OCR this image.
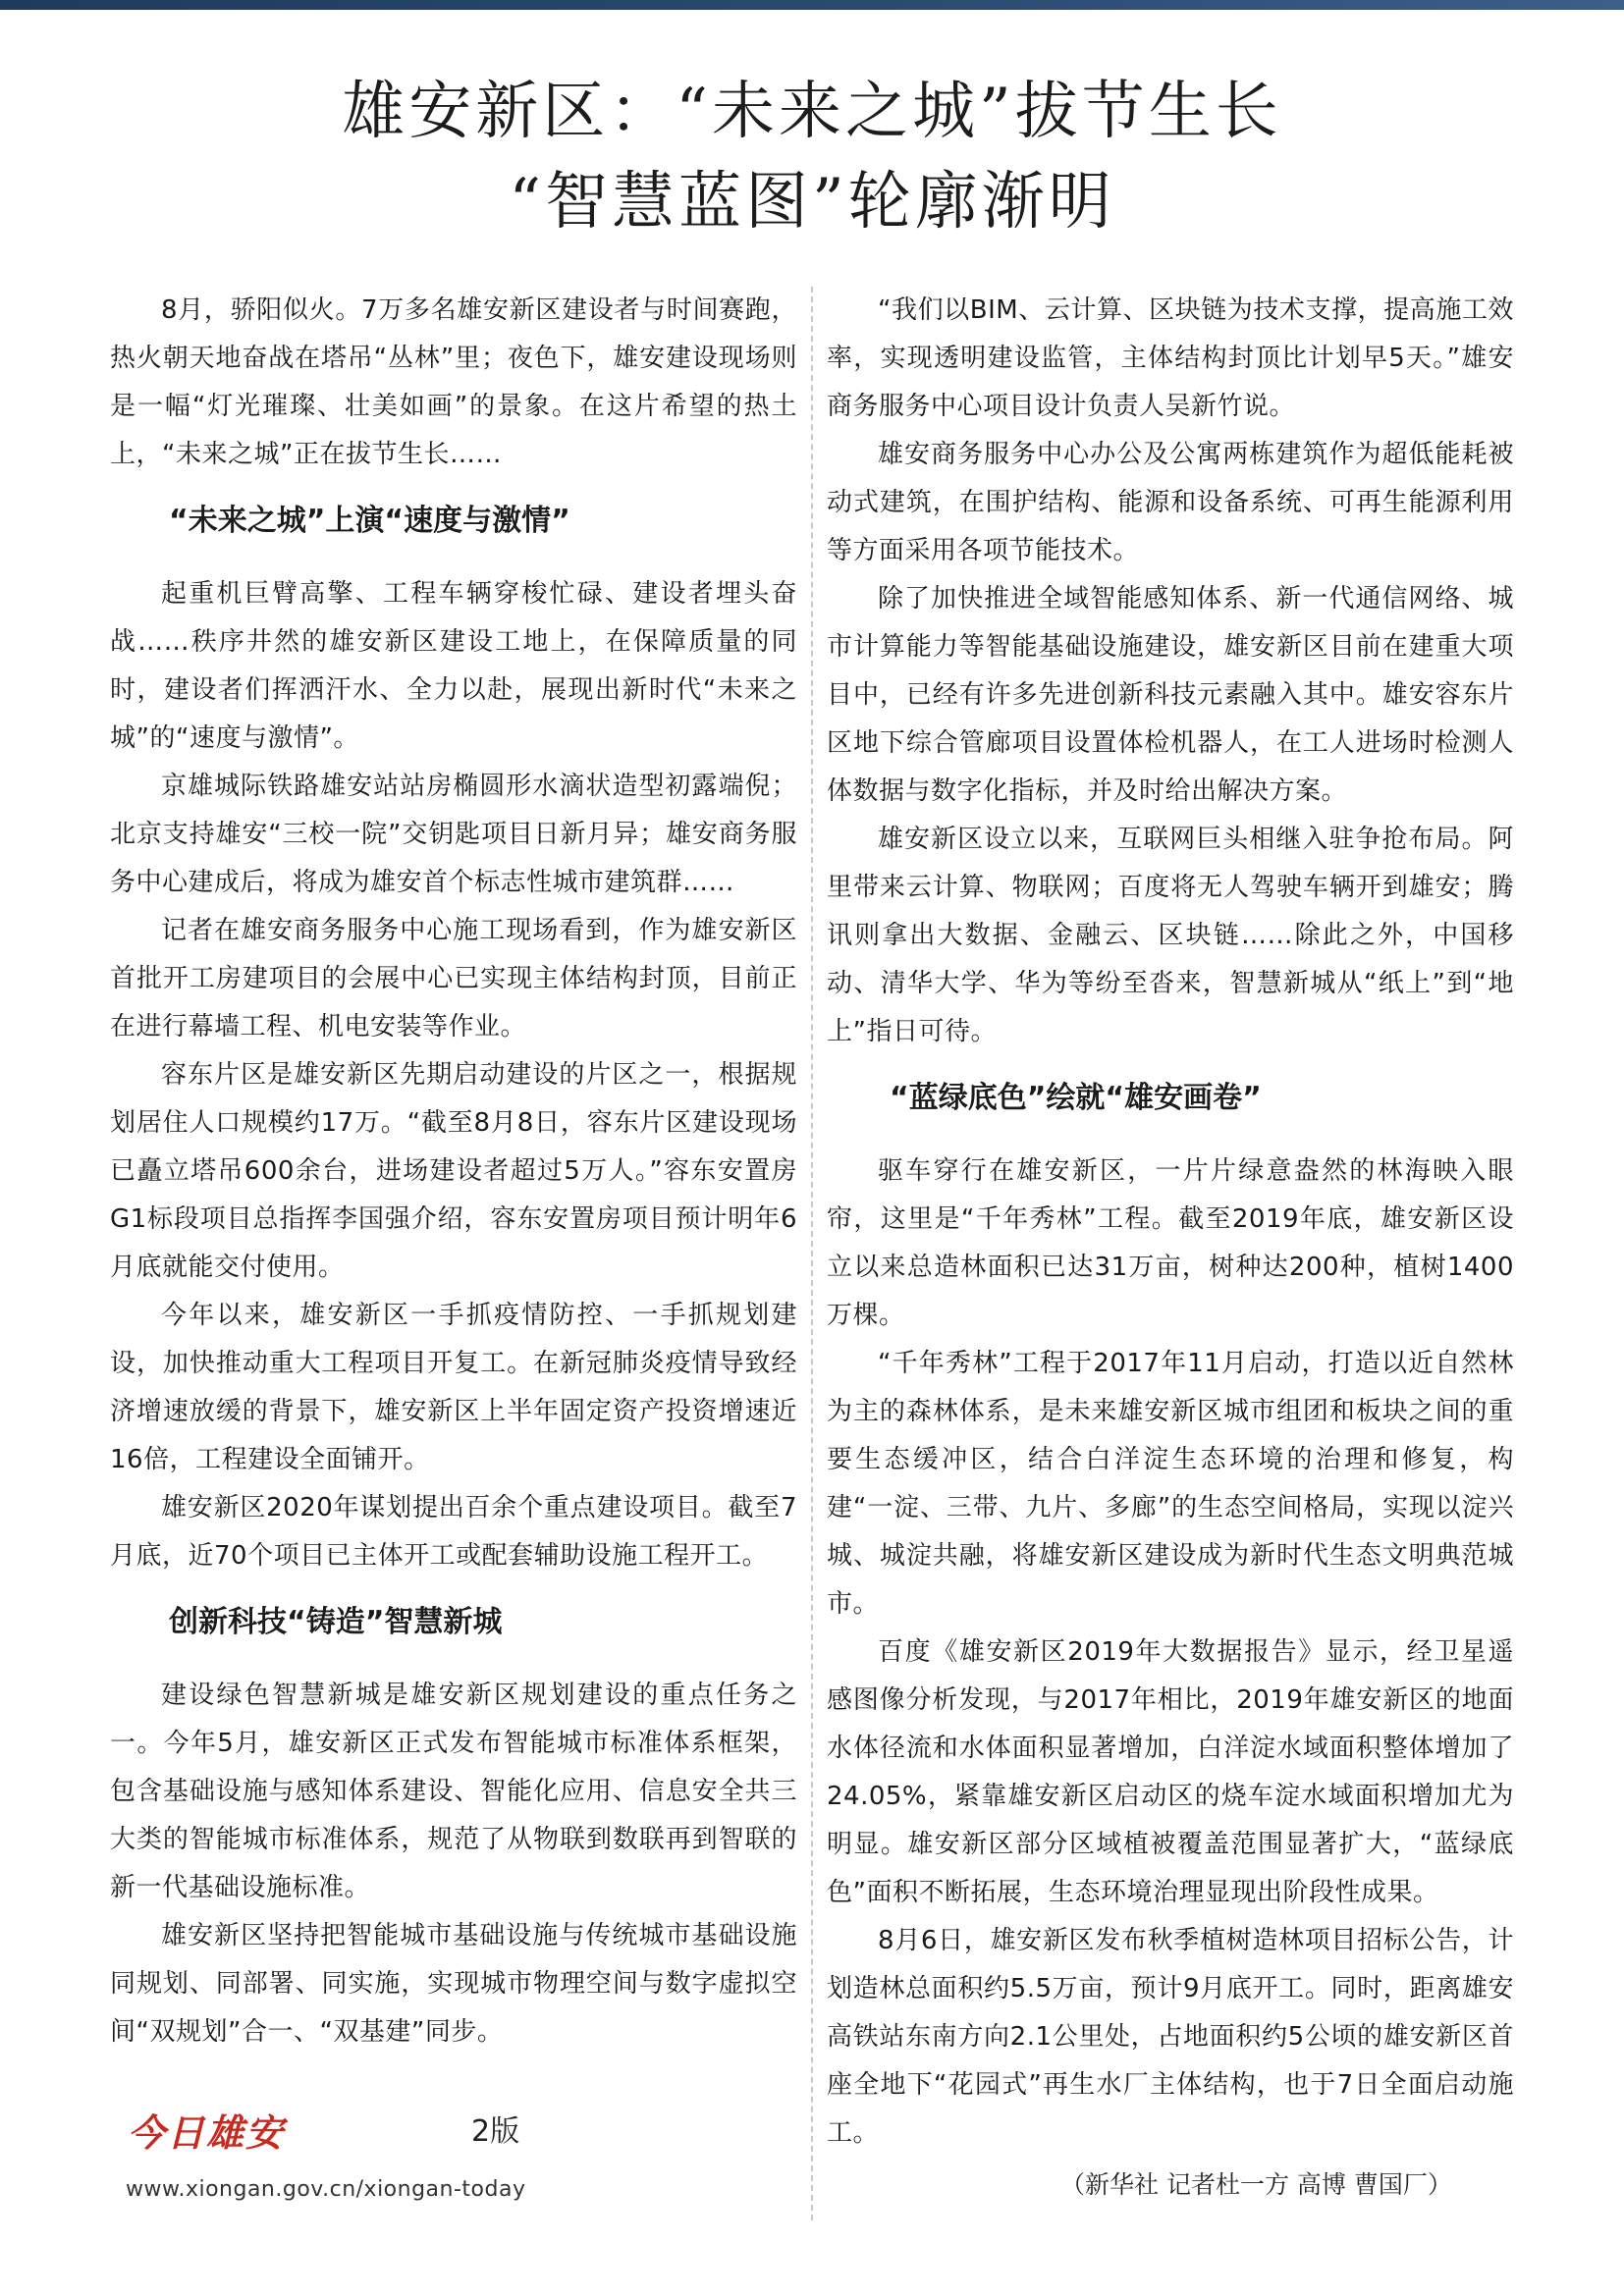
雄安新区：“未来之城”拔节生长
“智慧蓝图”轮廓渐明

8月，骄阳似火。7万多名雄安新区建设者与时间赛跑，热火朝天地奋战在塔吊“丛林”里；夜色下，雄安建设现场则是一幅“灯光璀璨、壮美如画”的景象。在这片希望的热土上，“未来之城”正在拔节生长……

“未来之城”上演“速度与激情”

起重机巨臂高擎、工程车辆穿梭忙碌、建设者埋头奋战……秩序井然的雄安新区建设工地上，在保障质量的同时，建设者们挥洒汗水、全力以赴，展现出新时代“未来之城”的“速度与激情”。

京雄城际铁路雄安站站房椭圆形水滴状造型初露端倪；北京支持雄安“三校一院”交钥匙项目日新月异；雄安商务服务中心建成后，将成为雄安首个标志性城市建筑群……

记者在雄安商务服务中心施工现场看到，作为雄安新区首批开工房建项目的会展中心已实现主体结构封顶，目前正在进行幕墙工程、机电安装等作业。

容东片区是雄安新区先期启动建设的片区之一，根据规划居住人口规模约17万。“截至8月8日，容东片区建设现场已矗立塔吊600余台，进场建设者超过5万人。”容东安置房G1标段项目总指挥李国强介绍，容东安置房项目预计明年6月底就能交付使用。

今年以来，雄安新区一手抓疫情防控、一手抓规划建设，加快推动重大工程项目开复工。在新冠肺炎疫情导致经济增速放缓的背景下，雄安新区上半年固定资产投资增速近16倍，工程建设全面铺开。

雄安新区2020年谋划提出百余个重点建设项目。截至7月底，近70个项目已主体开工或配套辅助设施工程开工。

创新科技“铸造”智慧新城

建设绿色智慧新城是雄安新区规划建设的重点任务之一。今年5月，雄安新区正式发布智能城市标准体系框架，包含基础设施与感知体系建设、智能化应用、信息安全共三大类的智能城市标准体系，规范了从物联到数联再到智联的新一代基础设施标准。

雄安新区坚持把智能城市基础设施与传统城市基础设施同规划、同部署、同实施，实现城市物理空间与数字虚拟空间“双规划”合一、“双基建”同步。

“我们以BIM、云计算、区块链为技术支撑，提高施工效率，实现透明建设监管，主体结构封顶比计划早5天。”雄安商务服务中心项目设计负责人吴新竹说。

雄安商务服务中心办公及公寓两栋建筑作为超低能耗被动式建筑，在围护结构、能源和设备系统、可再生能源利用等方面采用各项节能技术。

除了加快推进全域智能感知体系、新一代通信网络、城市计算能力等智能基础设施建设，雄安新区目前在建重大项目中，已经有许多先进创新科技元素融入其中。雄安容东片区地下综合管廊项目设置体检机器人，在工人进场时检测人体数据与数字化指标，并及时给出解决方案。

雄安新区设立以来，互联网巨头相继入驻争抢布局。阿里带来云计算、物联网；百度将无人驾驶车辆开到雄安；腾讯则拿出大数据、金融云、区块链……除此之外，中国移动、清华大学、华为等纷至沓来，智慧新城从“纸上”到“地上”指日可待。

“蓝绿底色”绘就“雄安画卷”

驱车穿行在雄安新区，一片片绿意盎然的林海映入眼帘，这里是“千年秀林”工程。截至2019年底，雄安新区设立以来总造林面积已达31万亩，树种达200种，植树1400万棵。

“千年秀林”工程于2017年11月启动，打造以近自然林为主的森林体系，是未来雄安新区城市组团和板块之间的重要生态缓冲区，结合白洋淀生态环境的治理和修复，构建“一淀、三带、九片、多廊”的生态空间格局，实现以淀兴城、城淀共融，将雄安新区建设成为新时代生态文明典范城市。

百度《雄安新区2019年大数据报告》显示，经卫星遥感图像分析发现，与2017年相比，2019年雄安新区的地面水体径流和水体面积显著增加，白洋淀水域面积整体增加了24.05%，紧靠雄安新区启动区的烧车淀水域面积增加尤为明显。雄安新区部分区域植被覆盖范围显著扩大，“蓝绿底色”面积不断拓展，生态环境治理显现出阶段性成果。

8月6日，雄安新区发布秋季植树造林项目招标公告，计划造林总面积约5.5万亩，预计9月底开工。同时，距离雄安高铁站东南方向2.1公里处，占地面积约5公顷的雄安新区首座全地下“花园式”再生水厂主体结构，也于7日全面启动施工。

（新华社 记者杜一方 高博 曹国厂）
今日雄安	2版
www.xiongan.gov.cn/xiongan-today
